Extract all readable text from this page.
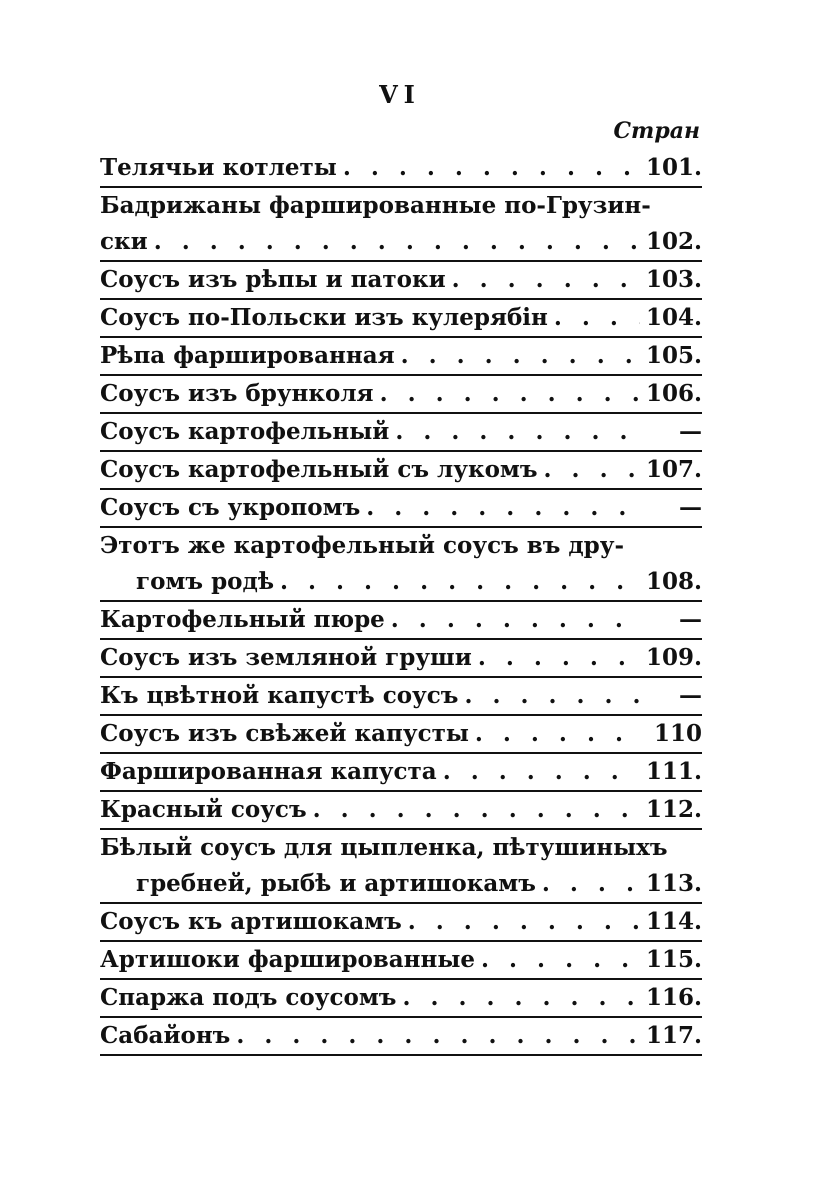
VI
Стран
Телячьи котлеты . . .	101.
Бадрижаны фаршированные по-Грузин-
ски . . .	102.
Соусъ изъ рѣпы и патоки . . .	103.
Соусъ по-Польски изъ кулерябiн . . .	104.
Рѣпа фаршированная . . .	105.
Соусъ изъ брунколя . . .	106.
Соусъ картофельный . . .	—
Соусъ картофельный съ лукомъ . . .	107.
Соусъ съ укропомъ . . .	—
Этотъ же картофельный соусъ въ дру-
гомъ родѣ . . .	108.
Картофельный пюре . . .	—
Соусъ изъ земляной груши . . .	109.
Къ цвѣтной капустѣ соусъ . . .	—
Соусъ изъ свѣжей капусты . . .	110
Фаршированная капуста . . .	111.
Красный соусъ . . .	112.
Бѣлый соусъ для цыпленка, пѣтушиныхъ
гребней, рыбѣ и артишокамъ . . .	113.
Соусъ къ артишокамъ . . .	114.
Артишоки фаршированные . . .	115.
Спаржа подъ соусомъ . . .	116.
Сабайонъ . . .	117.
